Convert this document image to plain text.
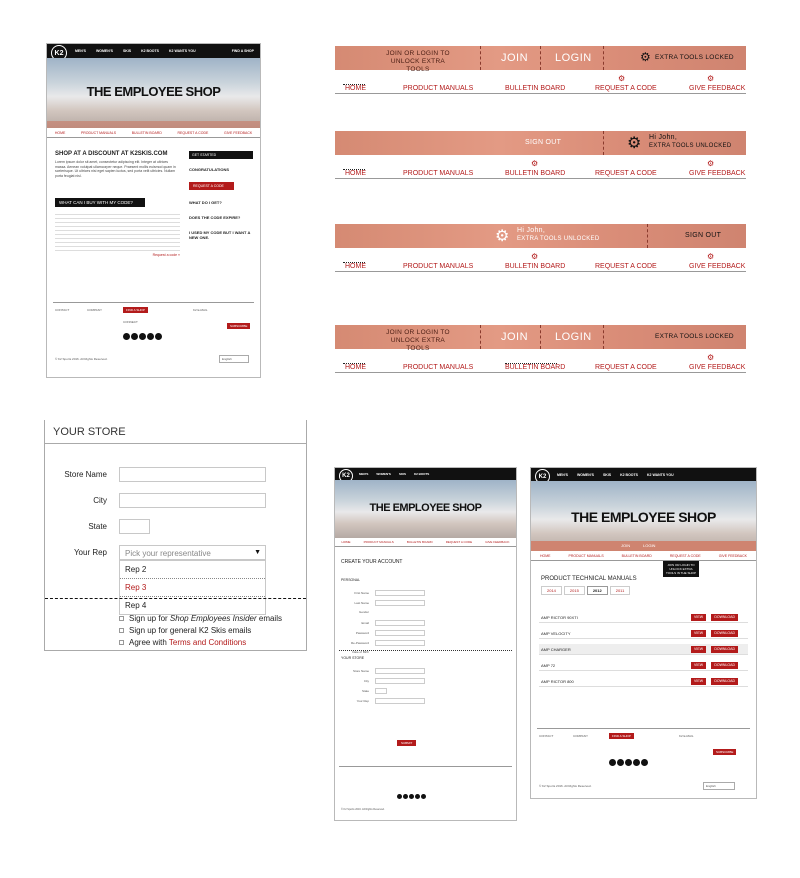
K2	MEN'S	WOMEN'S	SKIS	K2 BOOTS	K2 WANTS YOU	FIND A SHOP
THE EMPLOYEE SHOP
HOME	PRODUCT MANUALS	BULLETIN BOARD	REQUEST A CODE	GIVE FEEDBACK
SHOP AT A DISCOUNT AT K2SKIS.COM
Lorem ipsum dolor sit amet, consectetur adipiscing elit. Integer at ultrices massa. Aenean volutpat ullamcorper neque. Praesent mollis euismod quam in scelerisque. Ut ultrices nisi eget sapien luctus, sed porta velit ultricies. Nullam porta feugiat nisl.
WHAT CAN I BUY WITH MY CODE?
Request a code »
GET STARTED
CONGRATULATIONS
REQUEST A CODE
WHAT DO I GET?
DOES THE CODE EXPIRE?
I USED MY CODE BUT I WANT A NEW ONE.
CONTACT	COMPANY	FIND A SHOP
CONNECT
K2 E-MAIL
SUBSCRIBE
© K2 Sports 2016. All Rights Reserved.	English
JOIN OR LOGIN TO UNLOCK EXTRA TOOLS
JOIN LOGIN	⚙ EXTRA TOOLS LOCKED
HOME	PRODUCT MANUALS	BULLETIN BOARD
⚙
REQUEST A CODE
⚙
GIVE FEEDBACK
SIGN OUT	⚙ Hi John,
EXTRA TOOLS UNLOCKED
HOME	PRODUCT MANUALS
⚙
BULLETIN BOARD	REQUEST A CODE
⚙
GIVE FEEDBACK
⚙ Hi John,
EXTRA TOOLS UNLOCKED	SIGN OUT
HOME	PRODUCT MANUALS
⚙
BULLETIN BOARD	REQUEST A CODE
⚙
GIVE FEEDBACK
JOIN OR LOGIN TO UNLOCK EXTRA TOOLS
JOIN LOGIN	EXTRA TOOLS LOCKED
HOME	PRODUCT MANUALS	BULLETIN BOARD	REQUEST A CODE
⚙
GIVE FEEDBACK
YOUR STORE
Store Name
City
State
Your Rep Pick your representative	▼
Rep 2
Rep 3
Rep 4
Sign up for Shop Employees Insider emails
Sign up for general K2 Skis emails
Agree with Terms and Conditions
K2	MEN'S	WOMEN'S	SKIS	K2 BOOTS
THE EMPLOYEE SHOP
HOME	PRODUCT MANUALS	BULLETIN BOARD	REQUEST A CODE	GIVE FEEDBACK
CREATE YOUR ACCOUNT
PERSONAL
First Name
Last Name
Gender
Email
Password
Re-Password
Date of Birth
YOUR STORE
Store Name
City
State
Your Rep
SUBMIT
© K2 Sports 2016. All Rights Reserved.
K2	MEN'S	WOMEN'S	SKIS	K2 BOOTS	K2 WANTS YOU
THE EMPLOYEE SHOP
JOIN	LOGIN
HOME	PRODUCT MANUALS	BULLETIN BOARD	REQUEST A CODE	GIVE FEEDBACK
JOIN OR LOGIN TO UNLOCK EXTRA TOOLS IN THE SHOP
PRODUCT TECHNICAL MANUALS
2014	2015	2012	2011
AMP RICTOR 90XTI	VIEW	DOWNLOAD
AMP VELOCITY	VIEW	DOWNLOAD
AMP CHARGER	VIEW	DOWNLOAD
AMP 72	VIEW	DOWNLOAD
AMP RICTOR 800	VIEW	DOWNLOAD
CONTACT	COMPANY	FIND A SHOP	K2 E-MAIL
SUBSCRIBE
© K2 Sports 2016. All Rights Reserved.	English
